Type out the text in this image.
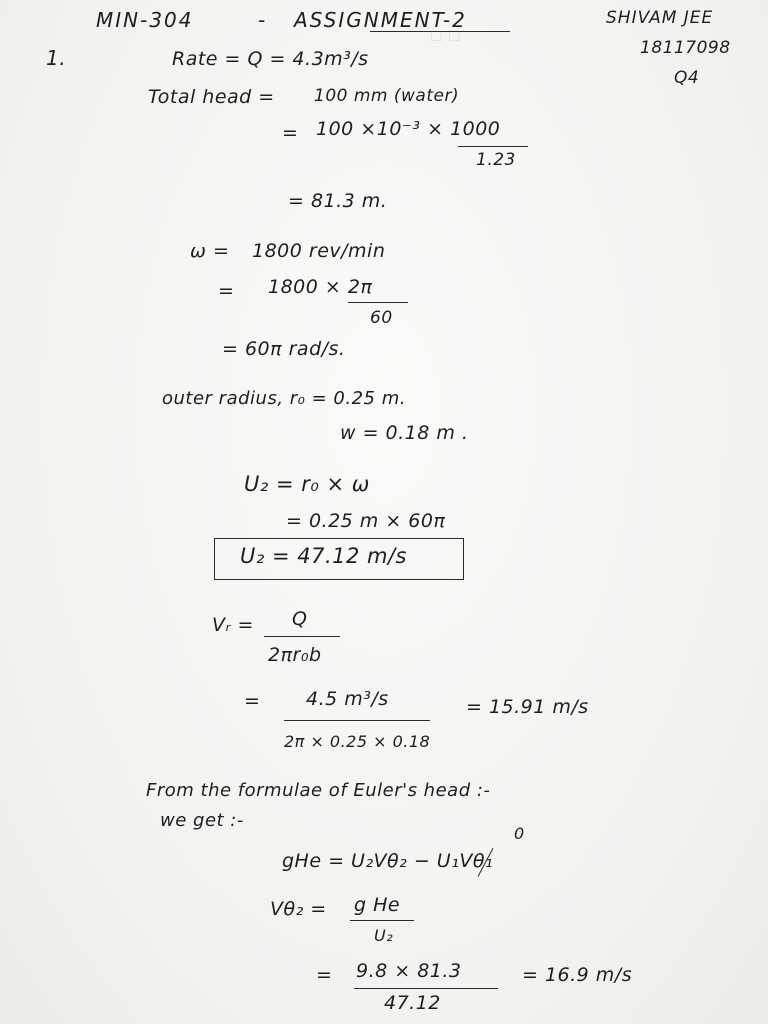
☐ ☐
MIN-304	- ASSIGNMENT-2	SHIVAM JEE
18117098
Q4
1.	Rate = Q = 4.3m³/s
Total head = 100 mm (water)
= 100 ×10⁻³ × 1000
1.23
= 81.3 m.
ω = 1800 rev/min
= 1800 × 2π
60
= 60π rad/s.
outer radius, r₀ = 0.25 m.
w = 0.18 m .
U₂ = r₀ × ω
= 0.25 m × 60π
U₂ = 47.12 m/s
Vᵣ = Q
2πr₀b
= 4.5 m³/s
2π × 0.25 × 0.18
= 15.91 m/s
From the formulae of Euler's head :-
we get :-
gHe = U₂Vθ₂ − U₁Vθ₁
0
Vθ₂ = g He
U₂
= 9.8 × 81.3
47.12
= 16.9 m/s
